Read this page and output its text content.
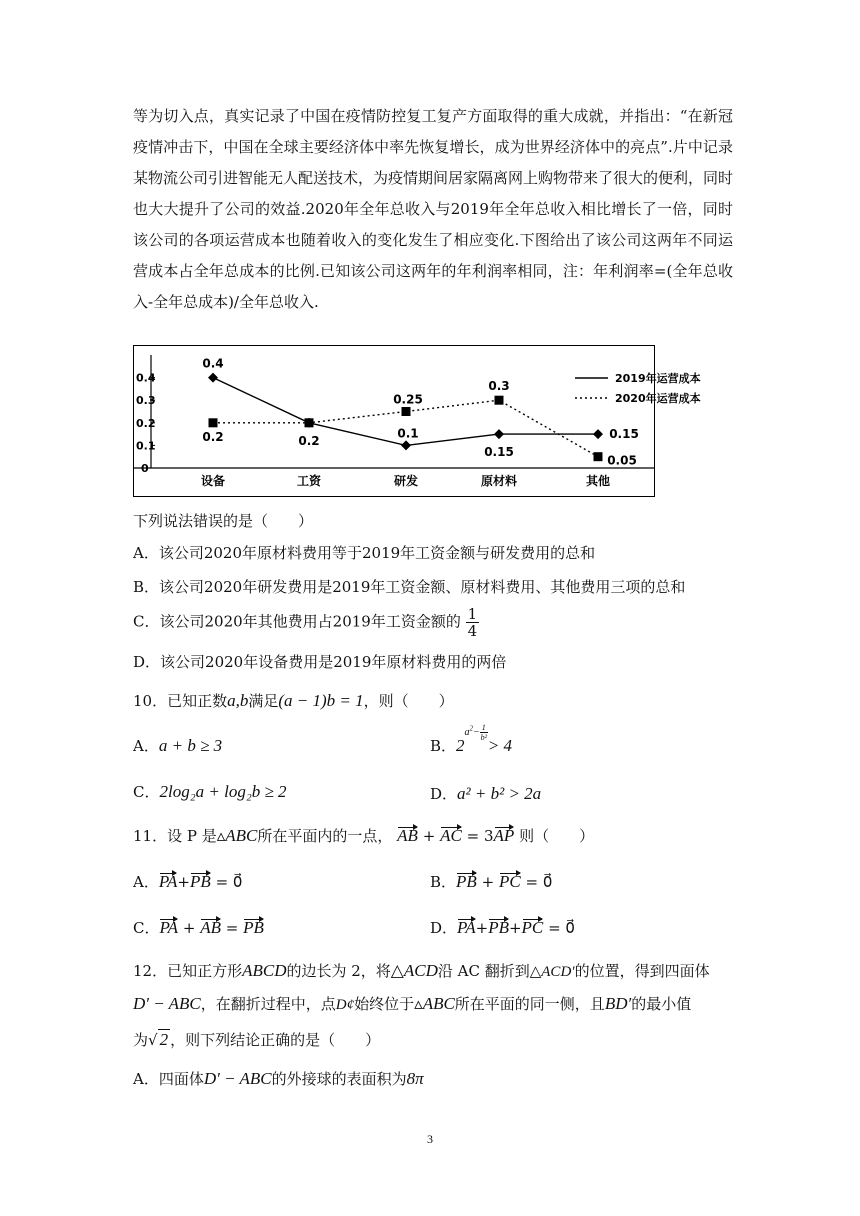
等为切入点，真实记录了中国在疫情防控复工复产方面取得的重大成就，并指出：“在新冠疫情冲击下，中国在全球主要经济体中率先恢复增长，成为世界经济体中的亮点”.片中记录某物流公司引进智能无人配送技术，为疫情期间居家隔离网上购物带来了很大的便利，同时也大大提升了公司的效益.2020年全年总收入与2019年全年总收入相比增长了一倍，同时该公司的各项运营成本也随着收入的变化发生了相应变化.下图给出了该公司这两年不同运营成本占全年总成本的比例.已知该公司这两年的年利润率相同，注：年利润率=(全年总收入-全年总成本)/全年总收入.
0
0.1
0.2
0.3
0.4
设备	工资	研发	原材料	其他
0.4
0.2
0.1
0.15
0.15
0.2
0.25
0.3
0.05
2019年运营成本
2020年运营成本
下列说法错误的是（　　）
A．该公司2020年原材料费用等于2019年工资金额与研发费用的总和
B．该公司2020年研发费用是2019年工资金额、原材料费用、其他费用三项的总和
C．该公司2020年其他费用占2019年工资金额的 $\frac{1}{4}$
D．该公司2020年设备费用是2019年原材料费用的两倍
10．已知正数a,b满足(a − 1)b = 1，则（　　）
A．a + b ≥ 3	B．$2^{a^2- \frac{1}{\text{b²}}}$
> 4
C．2log₂a + log₂b ≥ 2	D．a² + b² > 2a
11．设 P 是▵ABC所在平面内的一点， AB + AC = 3AP 则（　　）
A．PA+PB = 0⃗	B．PB + PC = 0⃗
C．PA + AB = PB	D．PA+PB+PC = 0⃗
12．已知正方形ABCD的边长为 2，将△ACD沿 AC 翻折到△ACD′的位置，得到四面体
D′ − ABC，在翻折过程中，点D¢始终位于▵ABC所在平面的同一侧，且BD′的最小值
为√ 2 ，则下列结论正确的是（　　）
A．四面体D′ − ABC的外接球的表面积为8π
3
